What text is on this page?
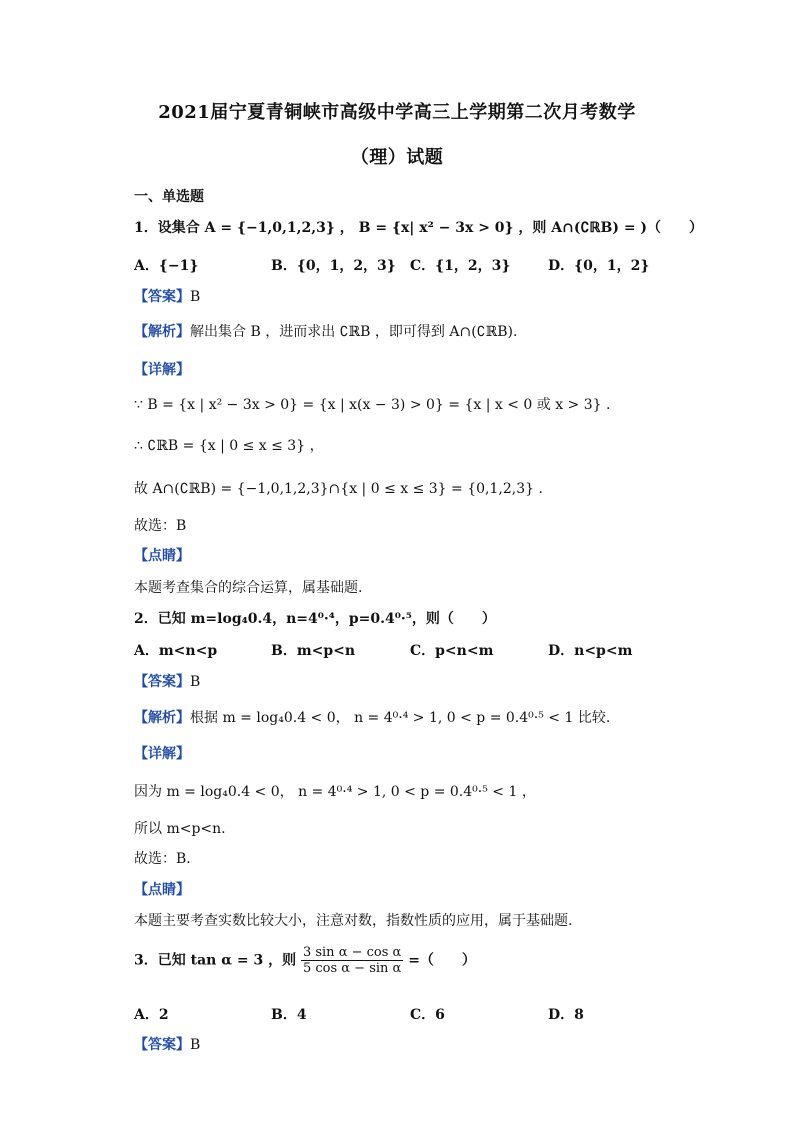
2021届宁夏青铜峡市高级中学高三上学期第二次月考数学
（理）试题
一、单选题
1．设集合 A = {−1,0,1,2,3} ， B = {x| x² − 3x > 0} ，则 A∩(∁ℝB) = )（　　）
A．{−1}	B．{0，1，2，3} C．{1，2，3}	D．{0，1，2}
【答案】B
【解析】解出集合 B ，进而求出 ∁ℝB ，即可得到 A∩(∁ℝB).
【详解】
∵ B = {x | x² − 3x > 0} = {x | x(x − 3) > 0} = {x | x < 0 或 x > 3} .
∴ ∁ℝB = {x | 0 ≤ x ≤ 3} ，
故 A∩(∁ℝB) = {−1,0,1,2,3}∩{x | 0 ≤ x ≤ 3} = {0,1,2,3} .
故选：B
【点睛】
本题考查集合的综合运算，属基础题.
2．已知 m=log₄0.4，n=4⁰·⁴，p=0.4⁰·⁵，则（　　）
A．m<n<p	B．m<p<n	C．p<n<m	D．n<p<m
【答案】B
【解析】根据 m = log₄0.4 < 0， n = 4⁰·⁴ > 1, 0 < p = 0.4⁰·⁵ < 1 比较.
【详解】
因为 m = log₄0.4 < 0， n = 4⁰·⁴ > 1, 0 < p = 0.4⁰·⁵ < 1 ，
所以 m<p<n.
故选：B．
【点睛】
本题主要考查实数比较大小，注意对数，指数性质的应用，属于基础题.
3．已知 tan α = 3 ，则 $\frac{\text{3 sin α − cos α}}{\text{5 cos α − sin α}}$ =（　　）
A．2	B．4	C．6	D．8
【答案】B
